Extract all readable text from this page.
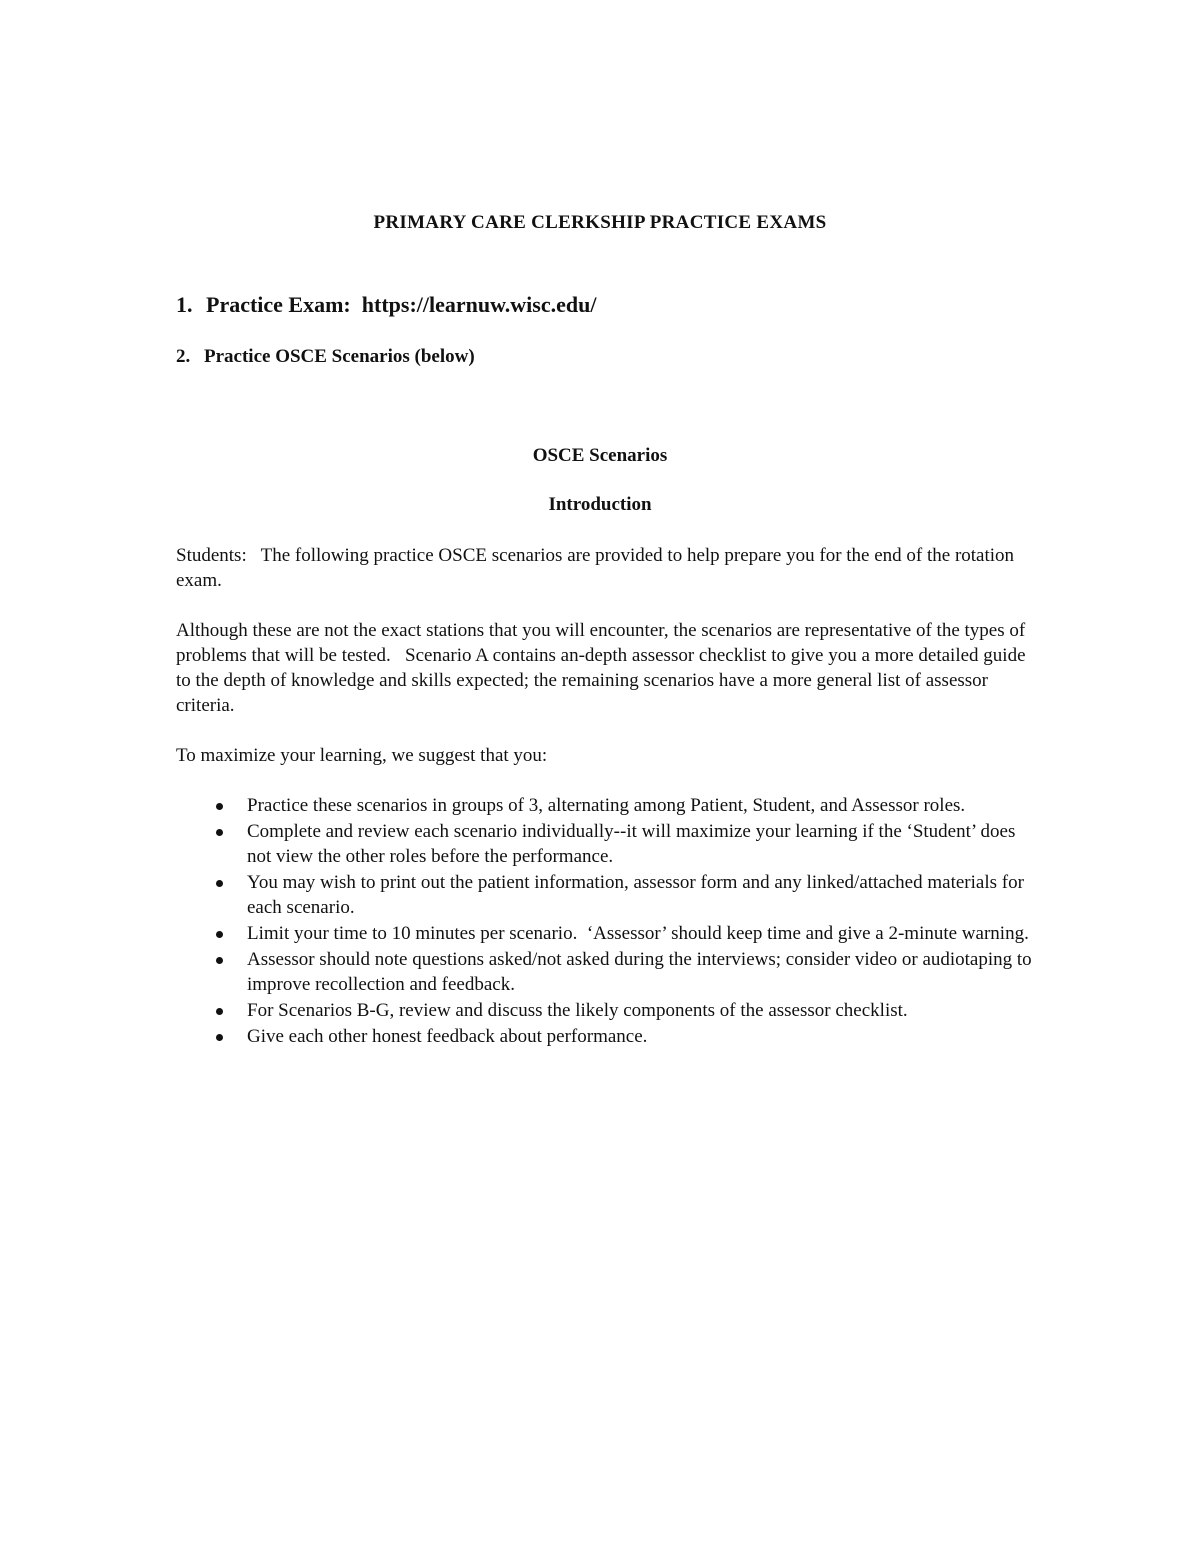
PRIMARY CARE CLERKSHIP PRACTICE EXAMS
1. Practice Exam:  https://learnuw.wisc.edu/
2. Practice OSCE Scenarios (below)
OSCE Scenarios
Introduction
Students:   The following practice OSCE scenarios are provided to help prepare you for the end of the rotation exam.
Although these are not the exact stations that you will encounter, the scenarios are representative of the types of problems that will be tested.   Scenario A contains an-depth assessor checklist to give you a more detailed guide to the depth of knowledge and skills expected; the remaining scenarios have a more general list of assessor criteria.
To maximize your learning, we suggest that you:
Practice these scenarios in groups of 3, alternating among Patient, Student, and Assessor roles.
Complete and review each scenario individually--it will maximize your learning if the ‘Student’ does not view the other roles before the performance.
You may wish to print out the patient information, assessor form and any linked/attached materials for each scenario.
Limit your time to 10 minutes per scenario.  ‘Assessor’ should keep time and give a 2-minute warning.
Assessor should note questions asked/not asked during the interviews; consider video or audiotaping to improve recollection and feedback.
For Scenarios B-G, review and discuss the likely components of the assessor checklist.
Give each other honest feedback about performance.
